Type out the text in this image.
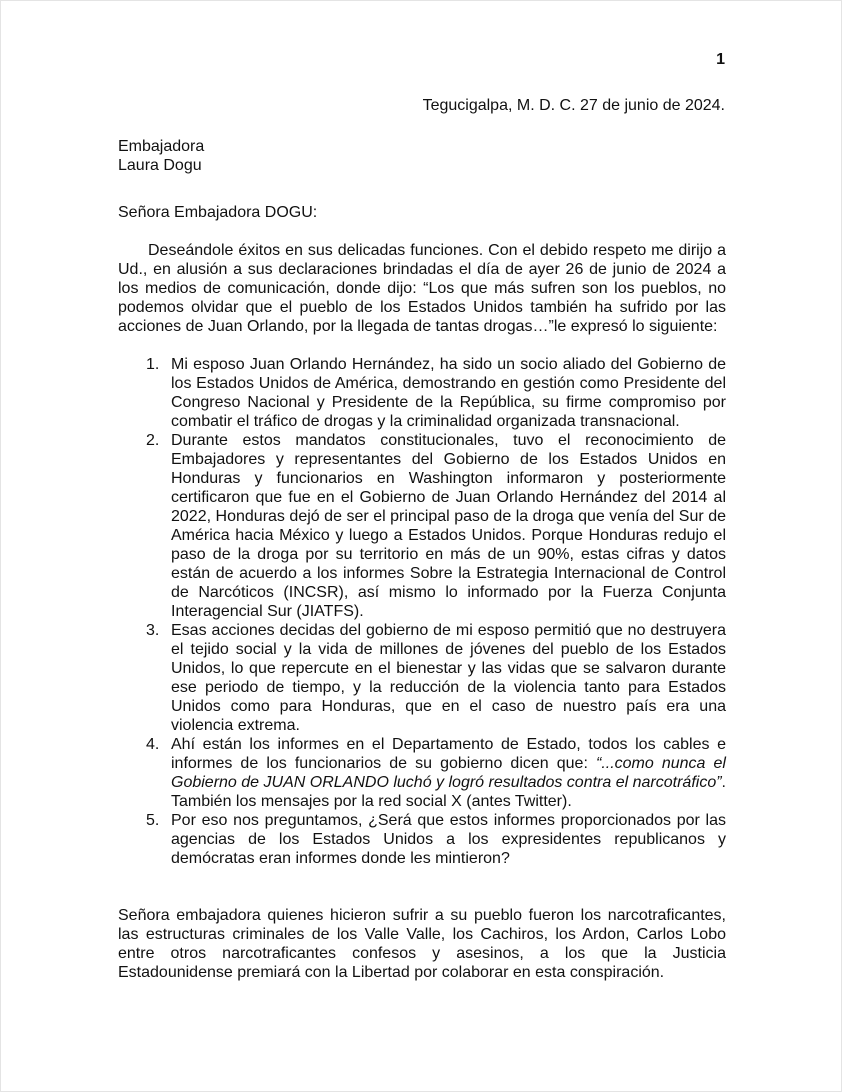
1
Tegucigalpa, M. D. C. 27 de junio de 2024.
Embajadora
Laura Dogu
Señora Embajadora DOGU:
Deseándole éxitos en sus delicadas funciones. Con el debido respeto me dirijo a Ud., en alusión a sus declaraciones brindadas el día de ayer 26 de junio de 2024 a los medios de comunicación, donde dijo: “Los que más sufren son los pueblos, no podemos olvidar que el pueblo de los Estados Unidos también ha sufrido por las acciones de Juan Orlando, por la llegada de tantas drogas…”le expresó lo siguiente:
1. Mi esposo Juan Orlando Hernández, ha sido un socio aliado del Gobierno de los Estados Unidos de América, demostrando en gestión como Presidente del Congreso Nacional y Presidente de la República, su firme compromiso por combatir el tráfico de drogas y la criminalidad organizada transnacional.
2. Durante estos mandatos constitucionales, tuvo el reconocimiento de Embajadores y representantes del Gobierno de los Estados Unidos en Honduras y funcionarios en Washington informaron y posteriormente certificaron que fue en el Gobierno de Juan Orlando Hernández del 2014 al 2022, Honduras dejó de ser el principal paso de la droga que venía del Sur de América hacia México y luego a Estados Unidos. Porque Honduras redujo el paso de la droga por su territorio en más de un 90%, estas cifras y datos están de acuerdo a los informes Sobre la Estrategia Internacional de Control de Narcóticos (INCSR), así mismo lo informado por la Fuerza Conjunta Interagencial Sur (JIATFS).
3. Esas acciones decidas del gobierno de mi esposo permitió que no destruyera el tejido social y la vida de millones de jóvenes del pueblo de los Estados Unidos, lo que repercute en el bienestar y las vidas que se salvaron durante ese periodo de tiempo, y la reducción de la violencia tanto para Estados Unidos como para Honduras, que en el caso de nuestro país era una violencia extrema.
4. Ahí están los informes en el Departamento de Estado, todos los cables e informes de los funcionarios de su gobierno dicen que: “...como nunca el Gobierno de JUAN ORLANDO luchó y logró resultados contra el narcotráfico”. También los mensajes por la red social X (antes Twitter).
5. Por eso nos preguntamos, ¿Será que estos informes proporcionados por las agencias de los Estados Unidos a los expresidentes republicanos y demócratas eran informes donde les mintieron?
Señora embajadora quienes hicieron sufrir a su pueblo fueron los narcotraficantes, las estructuras criminales de los Valle Valle, los Cachiros, los Ardon, Carlos Lobo entre otros narcotraficantes confesos y asesinos, a los que la Justicia Estadounidense premiará con la Libertad por colaborar en esta conspiración.
